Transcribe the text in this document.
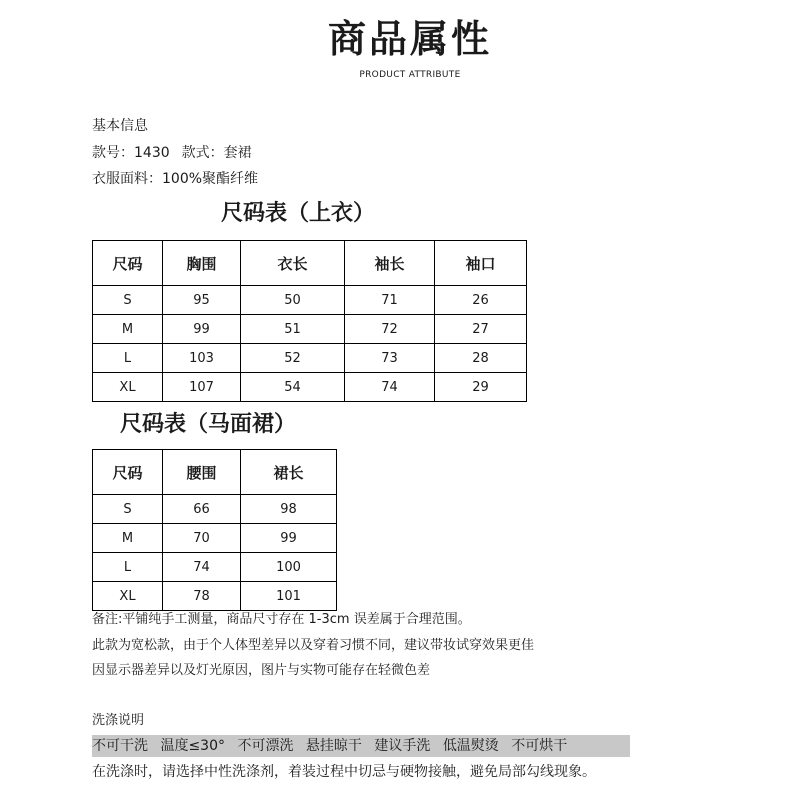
商品属性
PRODUCT ATTRIBUTE
基本信息
款号：1430 款式：套裙
衣服面料：100%聚酯纤维
尺码表（上衣）
尺码	胸围	衣长	袖长	袖口
S	95	50	71	26
M	99	51	72	27
L	103	52	73	28
XL	107	54	74	29
尺码表（马面裙）
尺码	腰围	裙长
S	66	98
M	70	99
L	74	100
XL	78	101
备注:平铺纯手工测量，商品尺寸存在 1-3cm 误差属于合理范围。
此款为宽松款，由于个人体型差异以及穿着习惯不同，建议带妆试穿效果更佳
因显示器差异以及灯光原因，图片与实物可能存在轻微色差
洗涤说明
不可干洗 温度≤30° 不可漂洗 悬挂晾干 建议手洗 低温熨烫 不可烘干
在洗涤时，请选择中性洗涤剂，着装过程中切忌与硬物接触，避免局部勾线现象。
